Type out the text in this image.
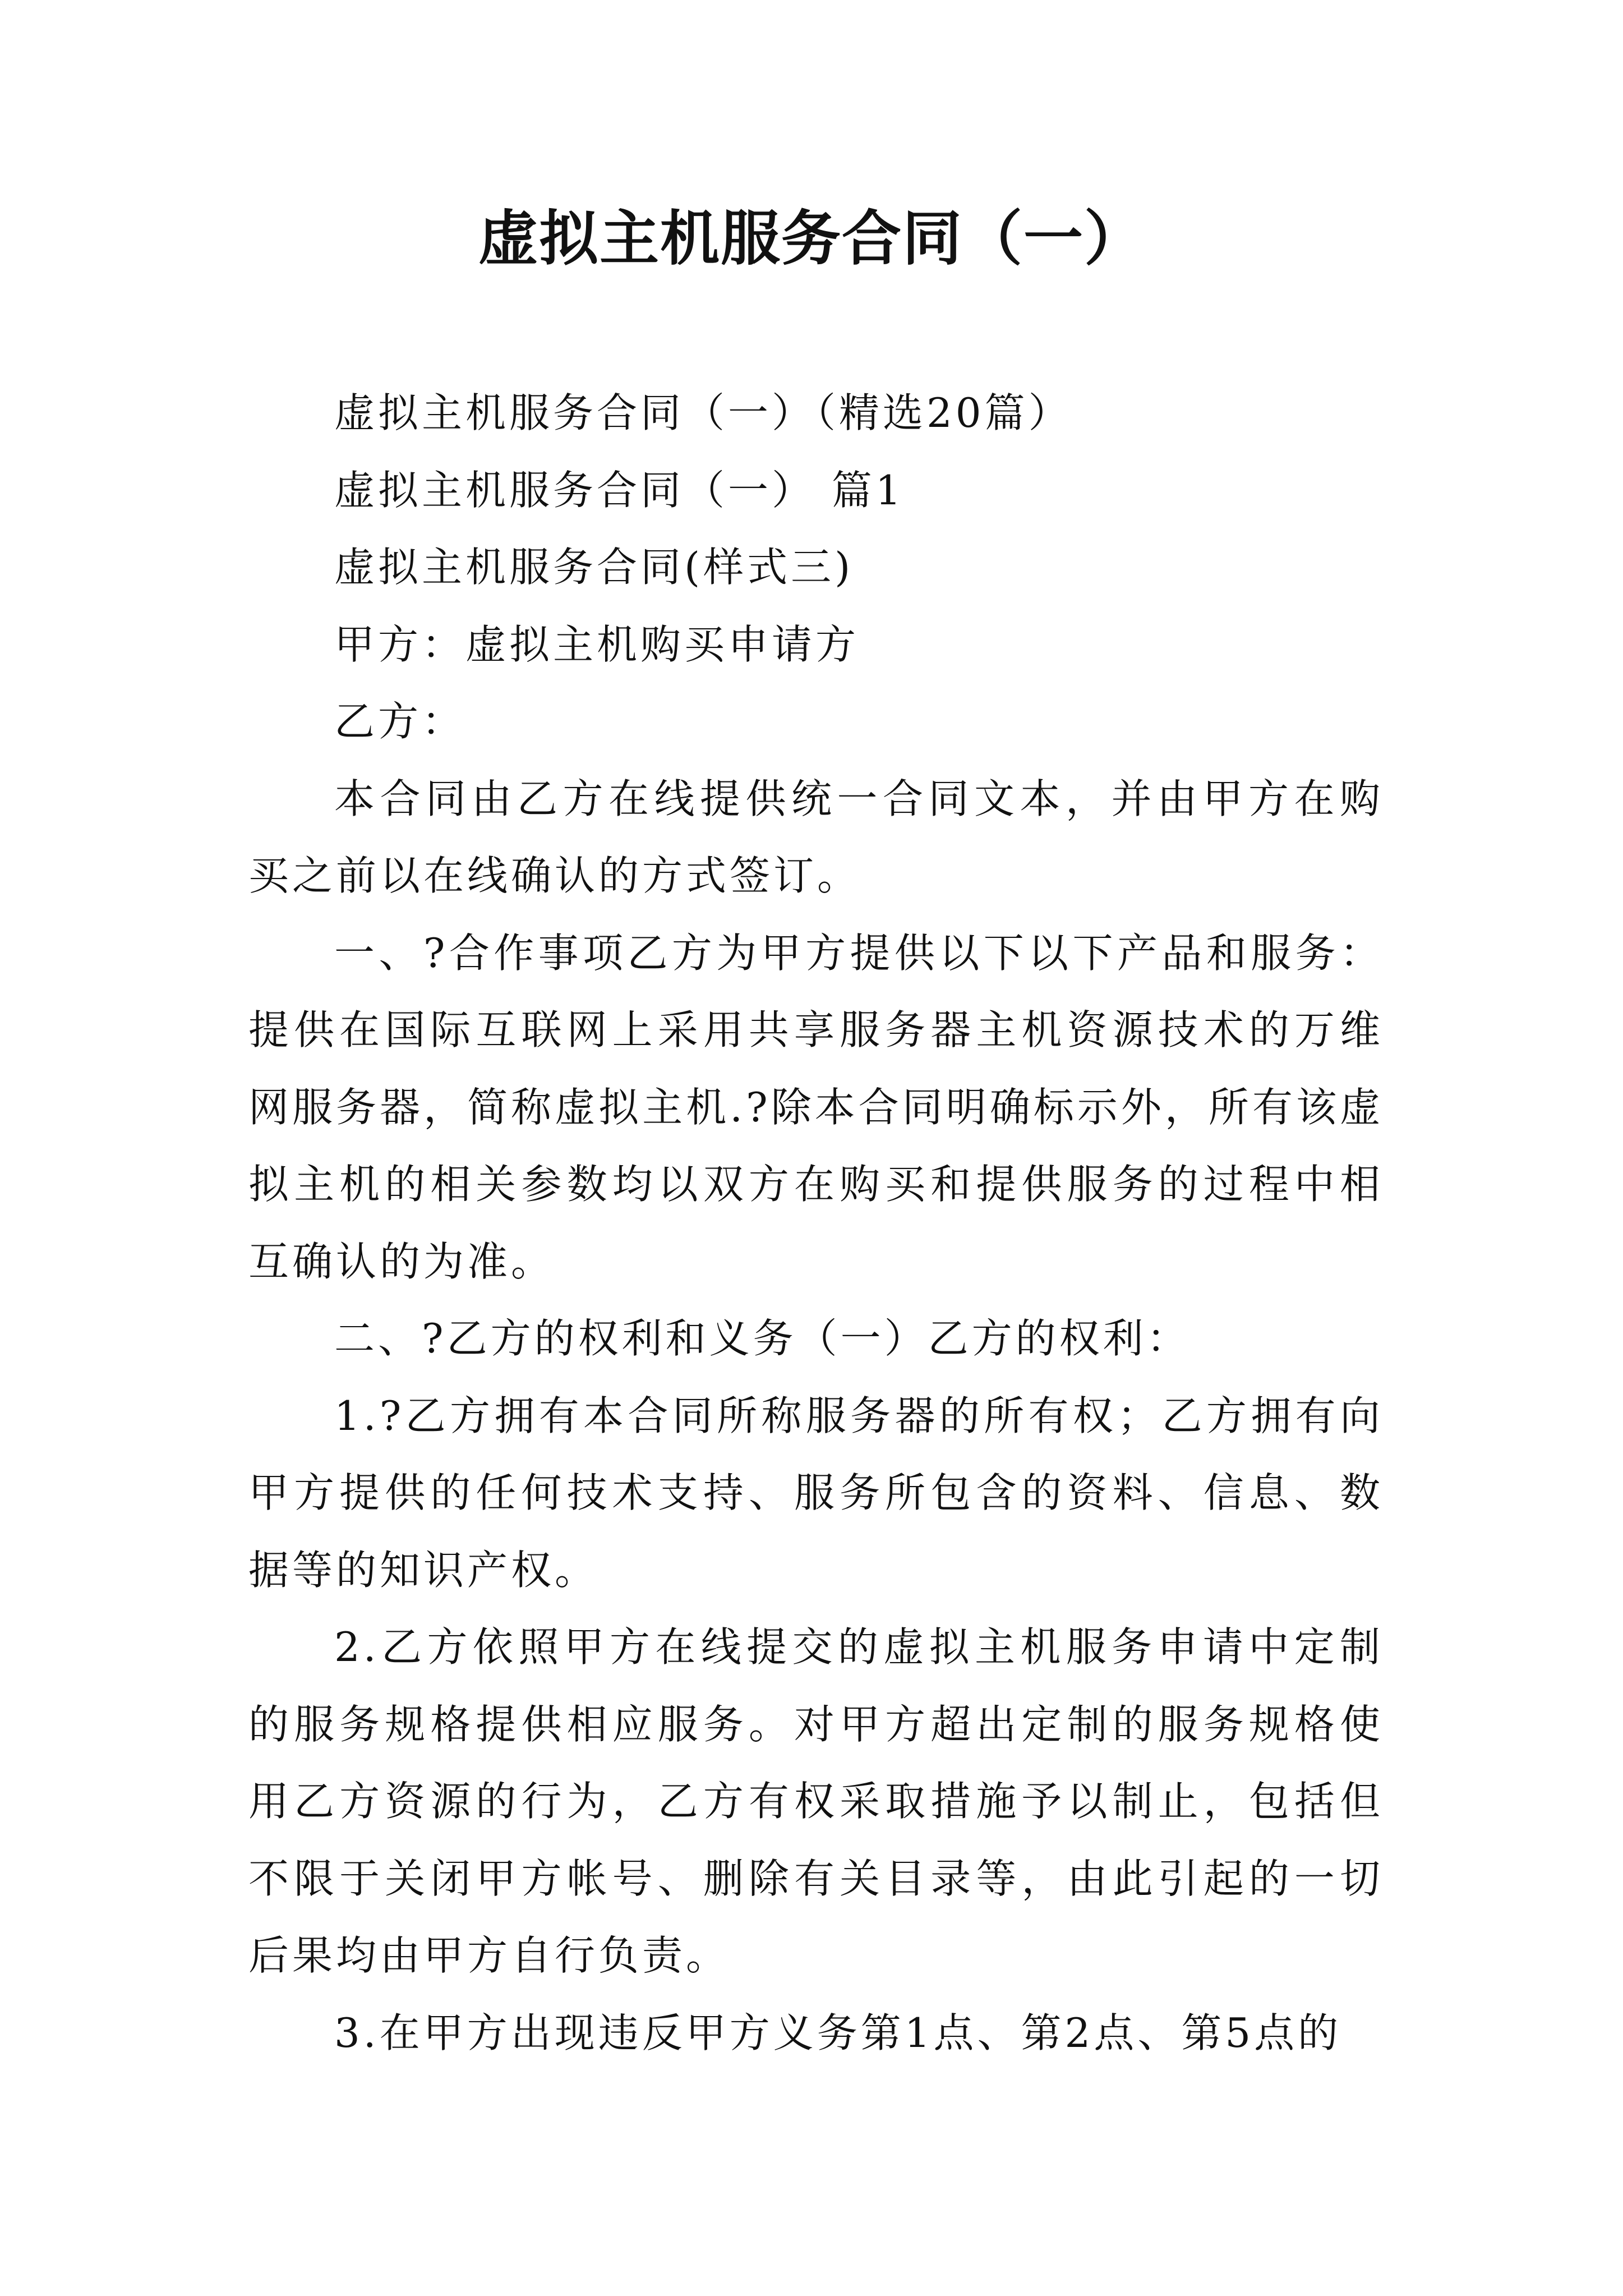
虚拟主机服务合同（一）

虚拟主机服务合同（一）（精选20篇）

虚拟主机服务合同（一） 篇1

虚拟主机服务合同(样式三)

甲方：虚拟主机购买申请方

乙方：

本合同由乙方在线提供统一合同文本，并由甲方在购买之前以在线确认的方式签订。

一、?合作事项乙方为甲方提供以下以下产品和服务：提供在国际互联网上采用共享服务器主机资源技术的万维网服务器，简称虚拟主机.?除本合同明确标示外，所有该虚拟主机的相关参数均以双方在购买和提供服务的过程中相互确认的为准。

二、?乙方的权利和义务（一）乙方的权利：

1.?乙方拥有本合同所称服务器的所有权；乙方拥有向甲方提供的任何技术支持、服务所包含的资料、信息、数据等的知识产权。

2.乙方依照甲方在线提交的虚拟主机服务申请中定制的服务规格提供相应服务。对甲方超出定制的服务规格使用乙方资源的行为，乙方有权采取措施予以制止，包括但不限于关闭甲方帐号、删除有关目录等，由此引起的一切后果均由甲方自行负责。

3.在甲方出现违反甲方义务第1点、第2点、第5点的
